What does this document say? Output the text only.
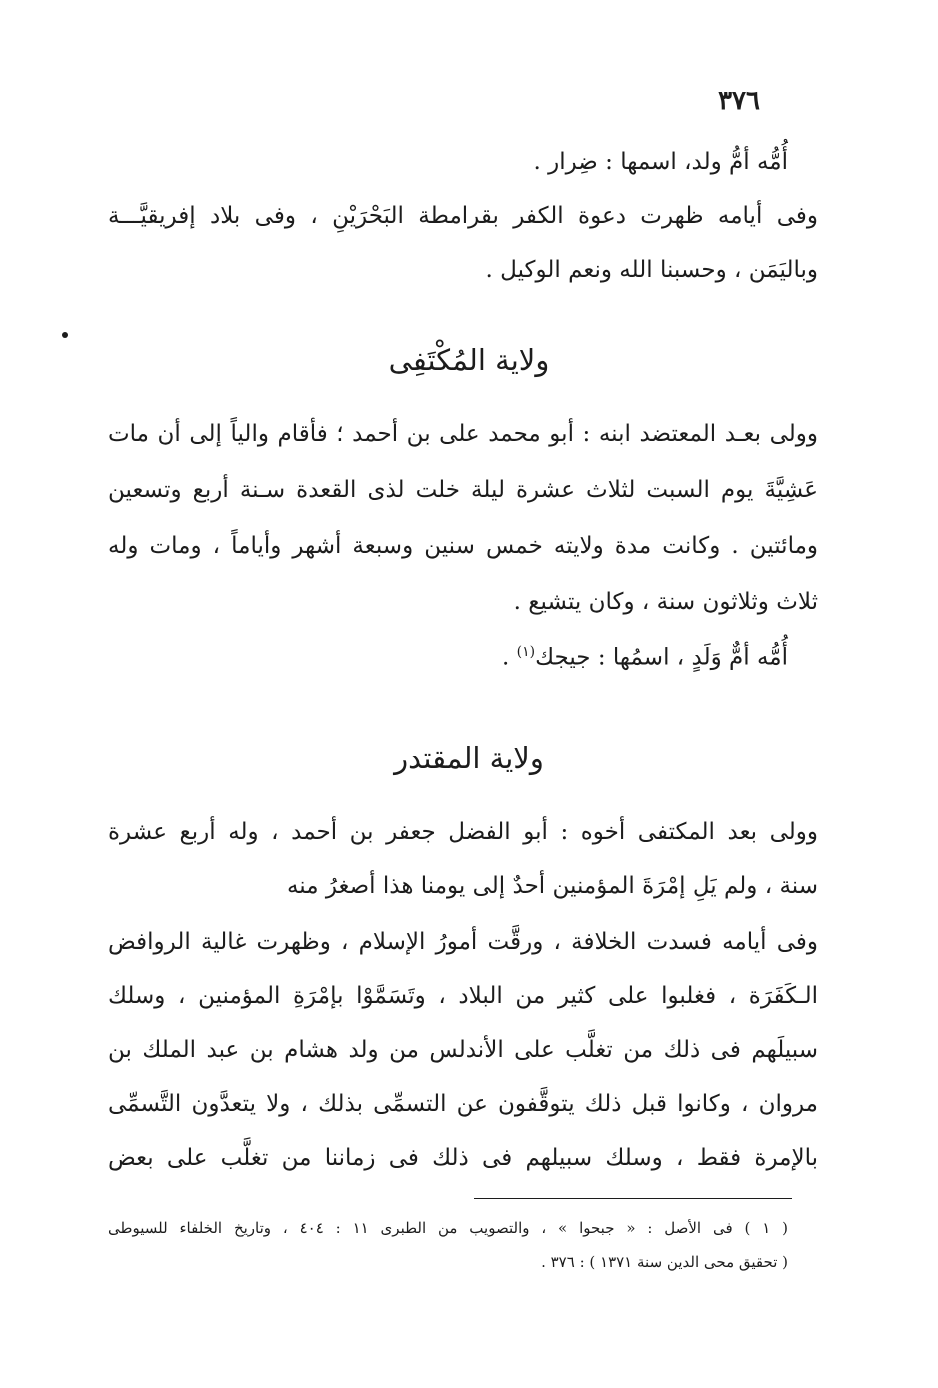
٣٧٦
أُمُّه أمُّ ولد، اسمها : ضِرار .
وفى أيامه ظهرت دعوة الكفر بقرامطة البَحْرَيْنِ ، وفى بلاد إفريقيَّـــة
وباليَمَن ، وحسبنا الله ونعم الوكيل .
ولاية المُكْتَفِى
وولى بعـد المعتضد ابنه : أبو محمد على بن أحمد ؛ فأقام والياً إلى أن مات
عَشِيَّةَ يوم السبت لثلاث عشرة ليلة خلت لذى القعدة سـنة أربع وتسعين
ومائتين . وكانت مدة ولايته خمس سنين وسبعة أشهر وأياماً ، ومات وله
ثلاث وثلاثون سنة ، وكان يتشيع .
أُمُّه أمٌّ وَلَدٍ ، اسمُها : جيجك$^{(١)}$ .
ولاية المقتدر
وولى بعد المكتفى أخوه : أبو الفضل جعفر بن أحمد ، وله أربع عشرة
سنة ، ولم يَلِ إمْرَةَ المؤمنين أحدٌ إلى يومنا هذا أصغرُ منه
وفى أيامه فسدت الخلافة ، ورقَّت أمورُ الإسلام ، وظهرت غالية الروافض
الـكَفَرَة ، فغلبوا على كثير من البلاد ، وتَسَمَّوْا بإمْرَةِ المؤمنين ، وسلك
سبيلَهم فى ذلك من تغلَّب على الأندلس من ولد هشام بن عبد الملك بن
مروان ، وكانوا قبل ذلك يتوقَّفون عن التسمِّى بذلك ، ولا يتعدَّون التَّسمِّى
بالإمرة فقط ، وسلك سبيلهم فى ذلك فى زماننا من تغلَّب على بعض
( ١ ) فى الأصل : « جبحوا » ، والتصويب من الطبرى ١١ : ٤٠٤ ، وتاريخ الخلفاء للسيوطى
( تحقيق محى الدين سنة ١٣٧١ ) : ٣٧٦ .
